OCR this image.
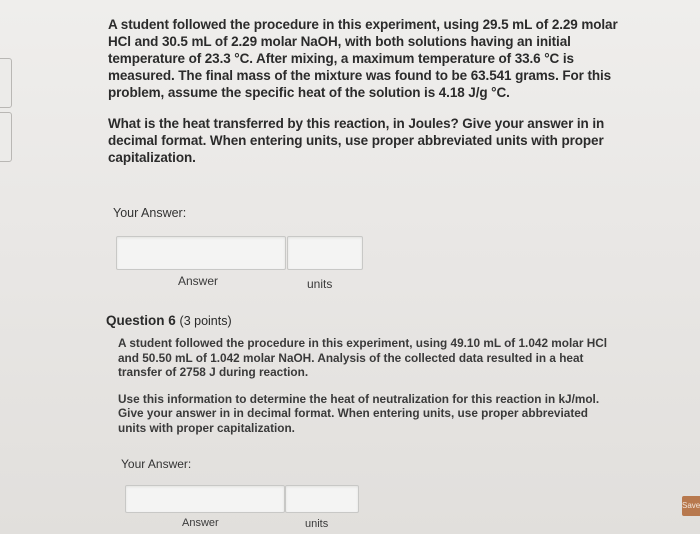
A student followed the procedure in this experiment, using 29.5 mL of 2.29 molar HCl and 30.5 mL of 2.29 molar NaOH, with both solutions having an initial temperature of 23.3 °C. After mixing, a maximum temperature of 33.6 °C is measured. The final mass of the mixture was found to be 63.541 grams. For this problem, assume the specific heat of the solution is 4.18 J/g °C.

What is the heat transferred by this reaction, in Joules? Give your answer in in decimal format. When entering units, use proper abbreviated units with proper capitalization.

Your Answer:
Answer	units
Question 6 (3 points)

A student followed the procedure in this experiment, using 49.10 mL of 1.042 molar HCl and 50.50 mL of 1.042 molar NaOH. Analysis of the collected data resulted in a heat transfer of 2758 J during reaction.

Use this information to determine the heat of neutralization for this reaction in kJ/mol. Give your answer in in decimal format. When entering units, use proper abbreviated units with proper capitalization.

Your Answer:
Answer	units
Save
